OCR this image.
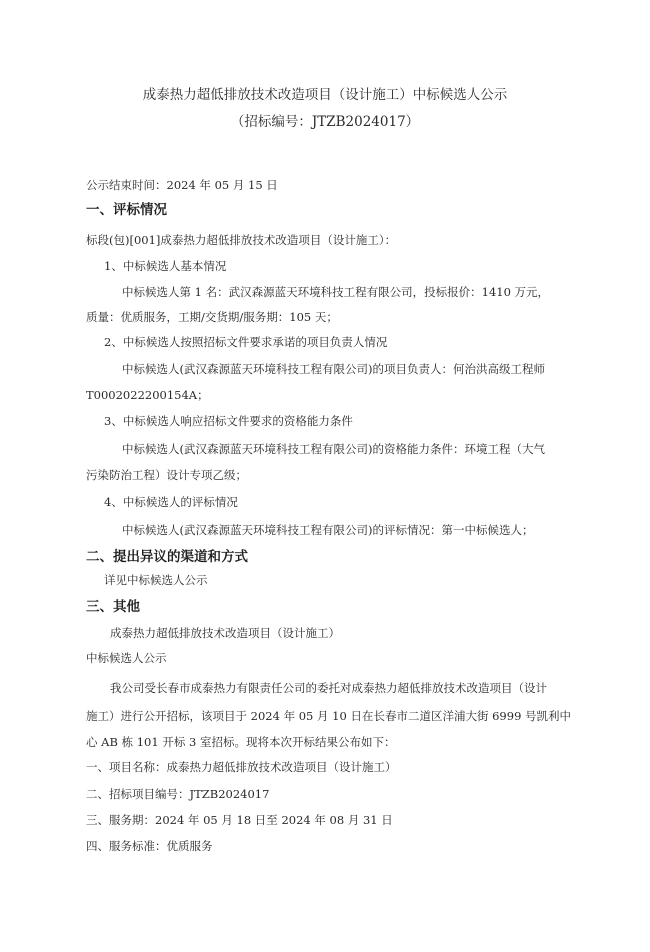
成泰热力超低排放技术改造项目（设计施工）中标候选人公示

（招标编号：JTZB2024017）

公示结束时间：2024 年 05 月 15 日

一、评标情况

标段(包)[001]成泰热力超低排放技术改造项目（设计施工）：

1、中标候选人基本情况

中标候选人第 1 名：武汉森源蓝天环境科技工程有限公司，投标报价：1410 万元，

质量：优质服务，工期/交货期/服务期：105 天；

2、中标候选人按照招标文件要求承诺的项目负责人情况

中标候选人(武汉森源蓝天环境科技工程有限公司)的项目负责人：何治洪高级工程师

T0002022200154A；

3、中标候选人响应招标文件要求的资格能力条件

中标候选人(武汉森源蓝天环境科技工程有限公司)的资格能力条件：环境工程（大气

污染防治工程）设计专项乙级；

4、中标候选人的评标情况

中标候选人(武汉森源蓝天环境科技工程有限公司)的评标情况：第一中标候选人；

二、提出异议的渠道和方式

详见中标候选人公示

三、其他

成泰热力超低排放技术改造项目（设计施工）

中标候选人公示

我公司受长春市成泰热力有限责任公司的委托对成泰热力超低排放技术改造项目（设计

施工）进行公开招标，该项目于 2024 年 05 月 10 日在长春市二道区洋浦大街 6999 号凯利中

心 AB 栋 101 开标 3 室招标。现将本次开标结果公布如下：

一、项目名称：成泰热力超低排放技术改造项目（设计施工）

二、招标项目编号：JTZB2024017

三、服务期：2024 年 05 月 18 日至 2024 年 08 月 31 日

四、服务标准：优质服务
